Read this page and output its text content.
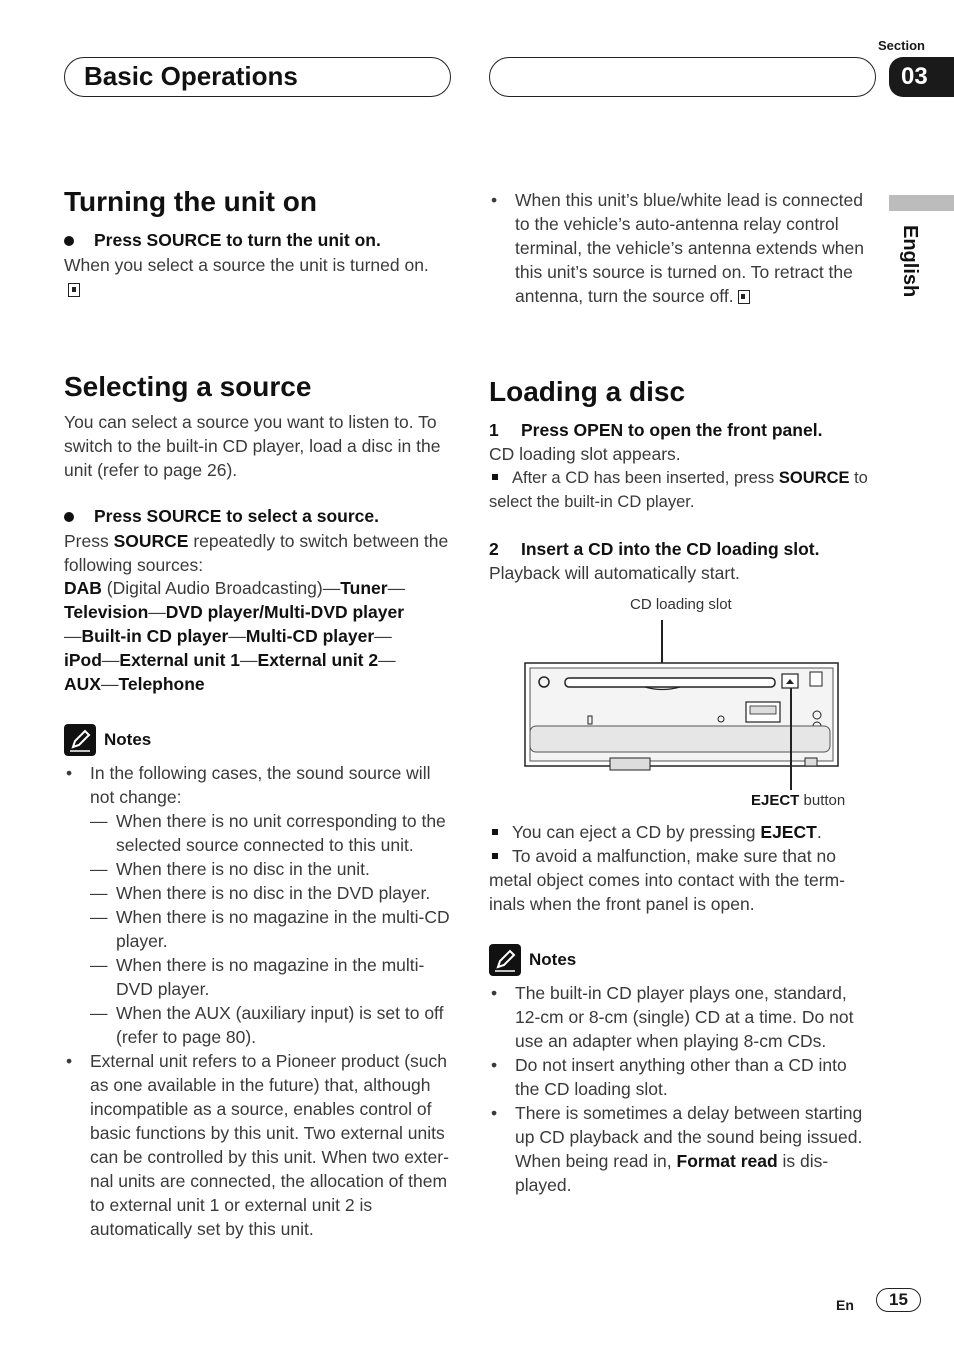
Basic Operations
Section
03
English
Turning the unit on
Press SOURCE to turn the unit on.
When you select a source the unit is turned on.
• When this unit’s blue/white lead is connected to the vehicle’s auto-antenna relay control terminal, the vehicle’s antenna extends when this unit’s source is turned on. To retract the antenna, turn the source off.
Selecting a source
You can select a source you want to listen to. To switch to the built-in CD player, load a disc in the unit (refer to page 26).
Press SOURCE to select a source.
Press SOURCE repeatedly to switch between the following sources:
DAB (Digital Audio Broadcasting)—Tuner—
Television—DVD player/Multi-DVD player
—Built-in CD player—Multi-CD player—
iPod—External unit 1—External unit 2—
AUX—Telephone
Notes
• In the following cases, the sound source will not change:
— When there is no unit corresponding to the selected source connected to this unit.
— When there is no disc in the unit.
— When there is no disc in the DVD player.
— When there is no magazine in the multi-CD player.
— When there is no magazine in the multi-DVD player.
— When the AUX (auxiliary input) is set to off (refer to page 80).
• External unit refers to a Pioneer product (such as one available in the future) that, although incompatible as a source, enables control of basic functions by this unit. Two external units can be controlled by this unit. When two exter-nal units are connected, the allocation of them to external unit 1 or external unit 2 is automatically set by this unit.
Loading a disc
1 Press OPEN to open the front panel.
CD loading slot appears.
After a CD has been inserted, press SOURCE to select the built-in CD player.
2 Insert a CD into the CD loading slot.
Playback will automatically start.
CD loading slot
EJECT button
You can eject a CD by pressing EJECT.
To avoid a malfunction, make sure that no metal object comes into contact with the term-inals when the front panel is open.
Notes
• The built-in CD player plays one, standard, 12-cm or 8-cm (single) CD at a time. Do not use an adapter when playing 8-cm CDs.
• Do not insert anything other than a CD into the CD loading slot.
• There is sometimes a delay between starting up CD playback and the sound being issued. When being read in, Format read is dis-played.
En 15
